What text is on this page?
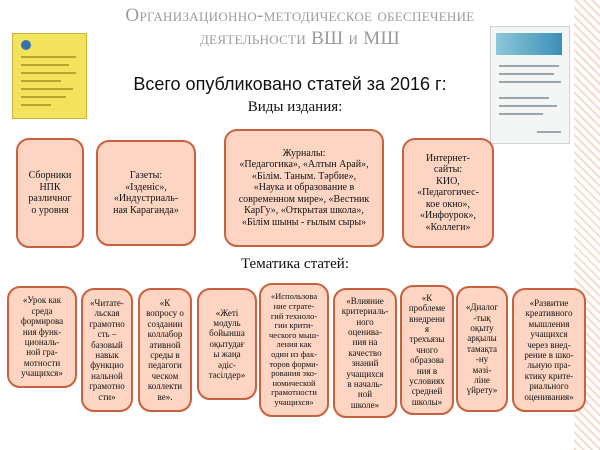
Организационно-методическое обеспечение
деятельности ВШ и МШ
Всего опубликовано статей за 2016 г:
Виды издания:
Сборники
НПК
различног
о уровня
Газеты:
«Ізденіс»,
«Индустриаль-
ная Караганда»
Журналы:
«Педагогика», «Алтын Арай»,
«Білім. Таным. Тәрбие»,
«Наука и образование в
современном мире», «Вестник
КарГу», «Открытая школа»,
«Білім шыны - ғылым сыры»
Интернет-
сайты:
КИО,
«Педагогичес-
кое окно»,
«Инфоурок»,
«Коллеги»
Тематика статей:
«Урок как
среда
формирова
ния функ-
циональ-
ной гра-
мотности
учащихся»
«Читате-
льская
грамотно
сть –
базовый
навык
функцио
нальной
грамотно
сти»
«К
вопросу о
создании
коллабор
ативной
среды в
педагоги
ческом
коллекти
ве».
«Жеті
модуль
бойынша
оқытудағ
ы жаңа
әдіс-
тәсілдер»
«Использова
ние страте-
гий техноло-
гии крити-
ческого мыш-
ления как
один из фак-
торов форми-
рования эко-
номической
грамотности
учащихся»
«Влияние
критериаль-
ного
оценива-
ния на
качество
знаний
учащихся
в началь-
ной
школе»
«К
проблеме
внедрени
я
трехъязы
чного
образова
ния в
условиях
средней
школы»
«Диалог
-тық
оқыту
арқылы
тамақта
-ну
мәзі-
ліне
үйрету»
«Развитие
креативного
мышления
учащихся
через внед-
рение в шко-
льную пра-
ктику крите-
риального
оценивания»
